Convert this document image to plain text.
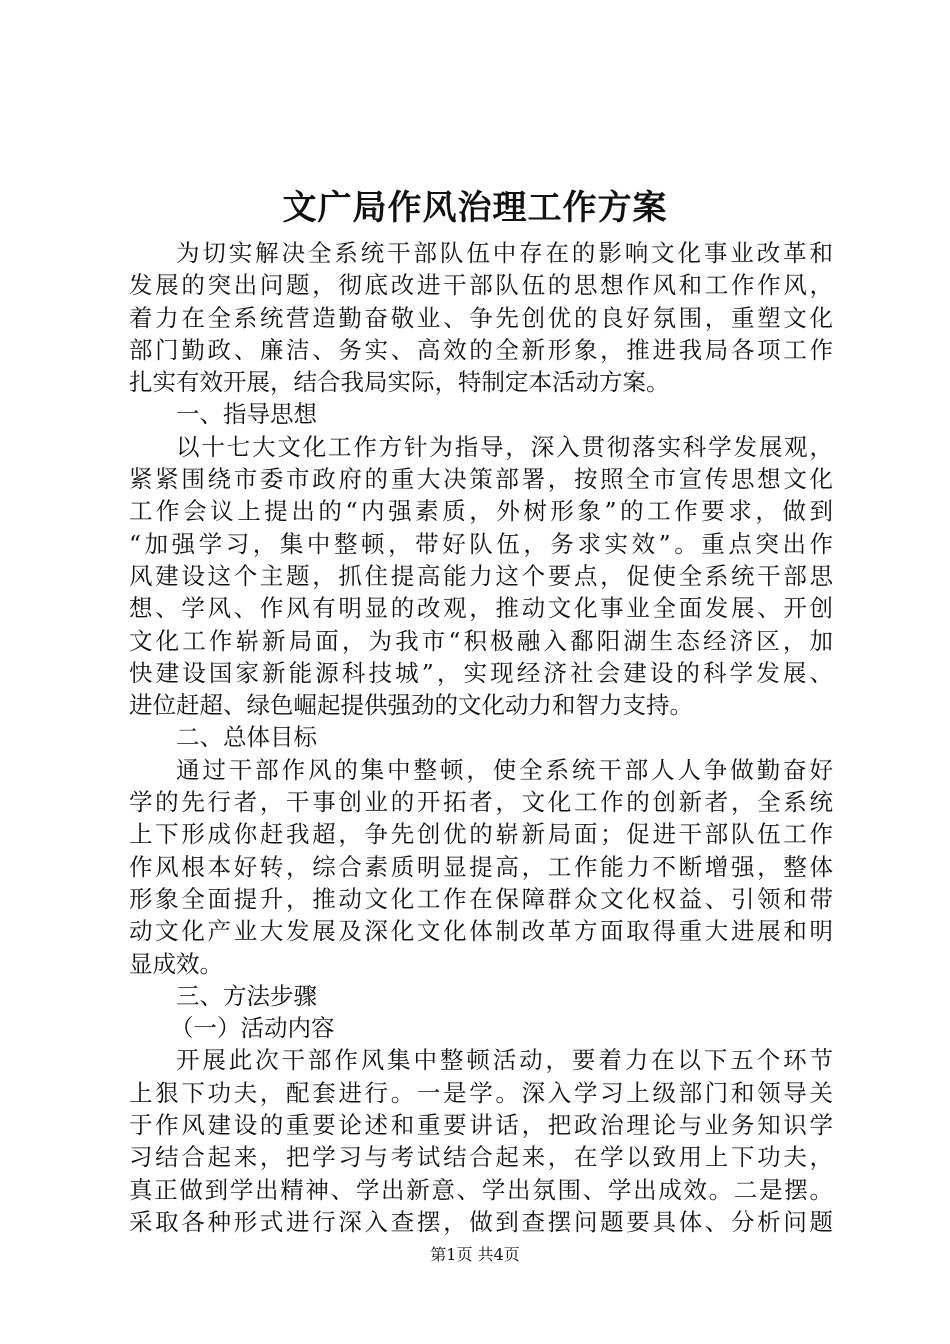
文广局作风治理工作方案
为切实解决全系统干部队伍中存在的影响文化事业改革和
发展的突出问题，彻底改进干部队伍的思想作风和工作作风，
着力在全系统营造勤奋敬业、争先创优的良好氛围，重塑文化
部门勤政、廉洁、务实、高效的全新形象，推进我局各项工作
扎实有效开展，结合我局实际，特制定本活动方案。
一、指导思想
以十七大文化工作方针为指导，深入贯彻落实科学发展观，
紧紧围绕市委市政府的重大决策部署，按照全市宣传思想文化
工作会议上提出的“内强素质，外树形象”的工作要求，做到
“加强学习，集中整顿，带好队伍，务求实效”。重点突出作
风建设这个主题，抓住提高能力这个要点，促使全系统干部思
想、学风、作风有明显的改观，推动文化事业全面发展、开创
文化工作崭新局面，为我市“积极融入鄱阳湖生态经济区，加
快建设国家新能源科技城”，实现经济社会建设的科学发展、
进位赶超、绿色崛起提供强劲的文化动力和智力支持。
二、总体目标
通过干部作风的集中整顿，使全系统干部人人争做勤奋好
学的先行者，干事创业的开拓者，文化工作的创新者，全系统
上下形成你赶我超，争先创优的崭新局面；促进干部队伍工作
作风根本好转，综合素质明显提高，工作能力不断增强，整体
形象全面提升，推动文化工作在保障群众文化权益、引领和带
动文化产业大发展及深化文化体制改革方面取得重大进展和明
显成效。
三、方法步骤
（一）活动内容
开展此次干部作风集中整顿活动，要着力在以下五个环节
上狠下功夫，配套进行。一是学。深入学习上级部门和领导关
于作风建设的重要论述和重要讲话，把政治理论与业务知识学
习结合起来，把学习与考试结合起来，在学以致用上下功夫，
真正做到学出精神、学出新意、学出氛围、学出成效。二是摆。
采取各种形式进行深入查摆，做到查摆问题要具体、分析问题
第1页 共4页
